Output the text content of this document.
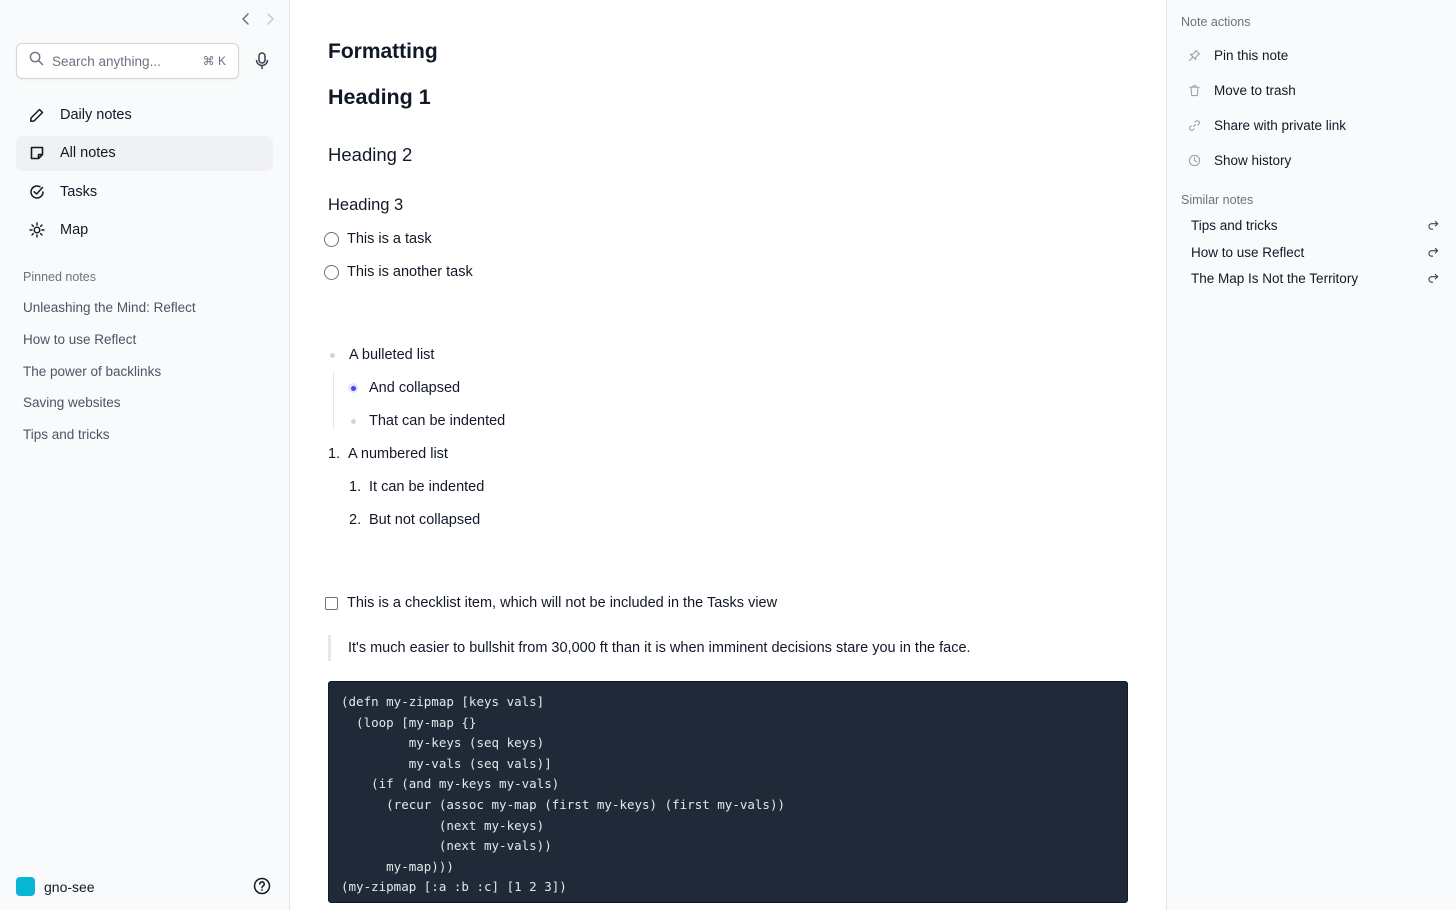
Search anything...
⌘ K
Daily notes
All notes
Tasks
Map
Pinned notes
Unleashing the Mind: Reflect
How to use Reflect
The power of backlinks
Saving websites
Tips and tricks
gno-see
Formatting
Heading 1
Heading 2
Heading 3
This is a task
This is another task
A bulleted list
And collapsed
That can be indented
1. A numbered list
1. It can be indented
2. But not collapsed
This is a checklist item, which will not be included in the Tasks view
It's much easier to bullshit from 30,000 ft than it is when imminent decisions stare you in the face.
(defn my-zipmap [keys vals]
(loop [my-map {}
my-keys (seq keys)
my-vals (seq vals)]
(if (and my-keys my-vals)
(recur (assoc my-map (first my-keys) (first my-vals))
(next my-keys)
(next my-vals))
my-map)))
(my-zipmap [:a :b :c] [1 2 3])
Note actions
Pin this note
Move to trash
Share with private link
Show history
Similar notes
Tips and tricks
How to use Reflect
The Map Is Not the Territory
